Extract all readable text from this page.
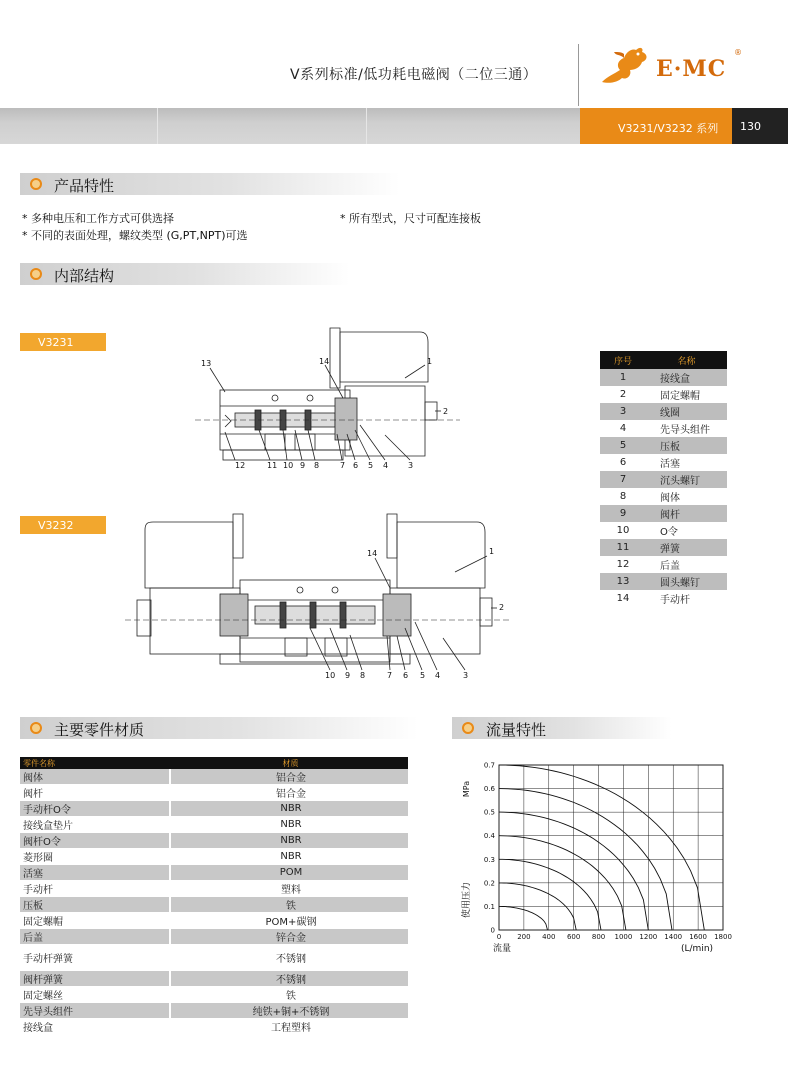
V系列标准/低功耗电磁阀（二位三通）	E·MC
®
V3231/V3232 系列	130
产品特性
* 多种电压和工作方式可供选择	* 所有型式，尺寸可配连接板
* 不同的表面处理，螺纹类型 (G,PT,NPT)可选
内部结构
V3231
V3232
13	14	1
2
12	11 10 9 8	7 6 5 4 3
14	1
2
10 9 8	7 6 5 4	3
序号	名称
1	接线盒
2	固定螺帽
3	线圈
4	先导头组件
5	压板
6	活塞
7	沉头螺钉
8	阀体
9	阀杆
10	O令
11	弹簧
12	后盖
13	圆头螺钉
14	手动杆
主要零件材质
零件名称	材质
阀体	铝合金
阀杆	铝合金
手动杆O令	NBR
接线盒垫片	NBR
阀杆O令	NBR
菱形圈	NBR
活塞	POM
手动杆	塑料
压板	铁
固定螺帽	POM+碳钢
后盖	锌合金
手动杆弹簧	不锈钢
阀杆弹簧	不锈钢
固定螺丝	铁
先导头组件	纯铁+铜+不锈钢
接线盒	工程塑料
流量特性
0 200 400 600 800 1000 1200 1400 1600 1800
0
0.1
0.2
0.3
0.4
0.5
0.6
0.7
MPa
使用压力
流量	(L/min)
